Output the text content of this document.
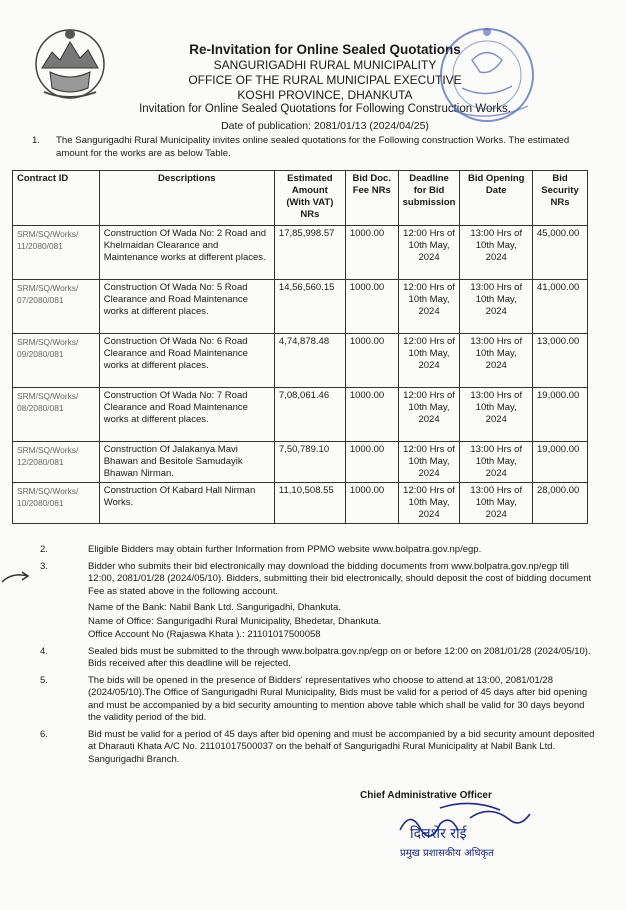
Re-Invitation for Online Sealed Quotations
SANGURIGADHI RURAL MUNICIPALITY
OFFICE OF THE RURAL MUNICIPAL EXECUTIVE
KOSHI PROVINCE, DHANKUTA
Invitation for Online Sealed Quotations for Following Construction Works.
Date of publication: 2081/01/13 (2024/04/25)
1. The Sangurigadhi Rural Municipality invites online sealed quotations for the Following construction Works. The estimated amount for the works are as below Table.
Contract ID	Descriptions	Estimated Amount (With VAT) NRs	Bid Doc. Fee NRs	Deadline for Bid submission	Bid Opening Date	Bid Security NRs
SRM/SQ/Works/ 11/2080/081	Construction Of Wada No: 2 Road and Khelmaidan Clearance and Maintenance works at different places.	17,85,998.57	1000.00	12:00 Hrs of 10th May, 2024	13:00 Hrs of 10th May, 2024	45,000.00
SRM/SQ/Works/ 07/2080/081	Construction Of Wada No: 5 Road Clearance and Road Maintenance works at different places.	14,56,560.15	1000.00	12:00 Hrs of 10th May, 2024	13:00 Hrs of 10th May, 2024	41,000.00
SRM/SQ/Works/ 09/2080/081	Construction Of Wada No: 6 Road Clearance and Road Maintenance works at different places.	4,74,878.48	1000.00	12:00 Hrs of 10th May, 2024	13:00 Hrs of 10th May, 2024	13,000.00
SRM/SQ/Works/ 08/2080/081	Construction Of Wada No: 7 Road Clearance and Road Maintenance works at different places.	7,08,061.46	1000.00	12:00 Hrs of 10th May, 2024	13:00 Hrs of 10th May, 2024	19,000.00
SRM/SQ/Works/ 12/2080/081	Construction Of Jalakanya Mavi Bhawan and Besitole Samudayik Bhawan Nirman.	7,50,789.10	1000.00	12:00 Hrs of 10th May, 2024	13:00 Hrs of 10th May, 2024	19,000.00
SRM/SQ/Works/ 10/2080/081	Construction Of Kabard Hall Nirman Works.	11,10,508.55	1000.00	12:00 Hrs of 10th May, 2024	13:00 Hrs of 10th May, 2024	28,000.00
2.	Eligible Bidders may obtain further Information from PPMO website www.bolpatra.gov.np/egp.
3.	Bidder who submits their bid electronically may download the bidding documents from www.bolpatra.gov.np/egp till 12:00, 2081/01/28 (2024/05/10). Bidders, submitting their bid electronically, should deposit the cost of bidding document Fee as stated above in the following account.
Name of the Bank: Nabil Bank Ltd. Sangurigadhi, Dhankuta.
Name of Office: Sangurigadhi Rural Municipality, Bhedetar, Dhankuta.
Office Account No (Rajaswa Khata ).: 21101017500058
4.	Sealed bids must be submitted to the through www.bolpatra.gov.np/egp on or before 12:00 on 2081/01/28 (2024/05/10). Bids received after this deadline will be rejected.
5.	The bids will be opened in the presence of Bidders' representatives who choose to attend at 13:00, 2081/01/28 (2024/05/10).The Office of Sangurigadhi Rural Municipality, Bids must be valid for a period of 45 days after bid opening and must be accompanied by a bid security amounting to mention above table which shall be valid for 30 days beyond the validity period of the bid.
6.	Bid must be valid for a period of 45 days after bid opening and must be accompanied by a bid security amount deposited at Dharauti Khata A/C No. 21101017500037 on the behalf of Sangurigadhi Rural Municipality at Nabil Bank Ltd. Sangurigadhi Branch.
Chief Administrative Officer
दिलशेर राई
प्रमुख प्रशासकीय अधिकृत
